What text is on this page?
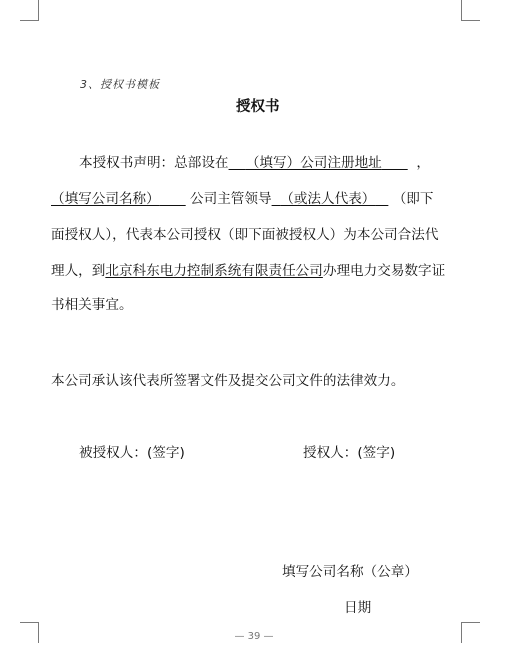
3、授权书模板
授权书
本授权书声明：总部设在 （填写）公司注册地址	，
（填写公司名称） 公司主管领导 （或法人代表） （即下
面授权人），代表本公司授权（即下面被授权人）为本公司合法代
理人，到北京科东电力控制系统有限责任公司办理电力交易数字证
书相关事宜。
本公司承认该代表所签署文件及提交公司文件的法律效力。
被授权人：(签字)	授权人：(签字)
填写公司名称（公章）
日期
— 39 —
